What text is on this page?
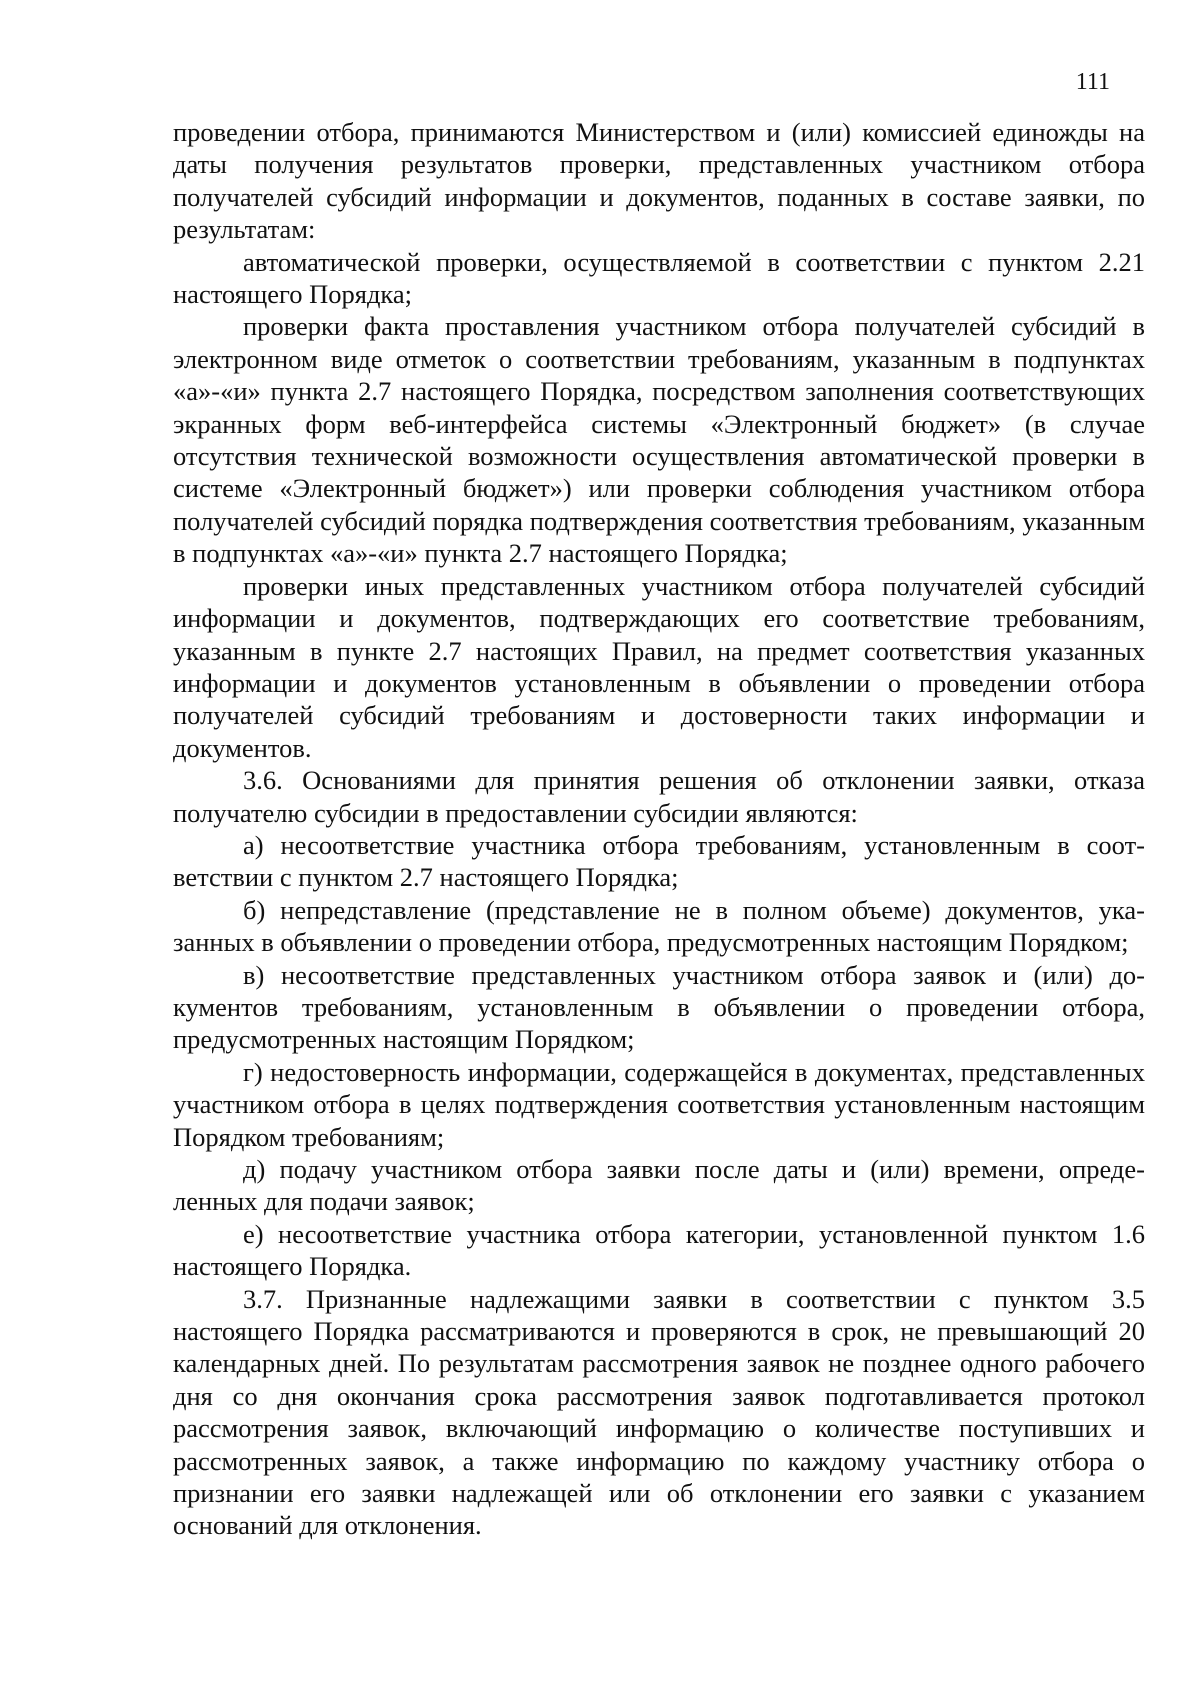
111

проведении отбора, принимаются Министерством и (или) комиссией единожды на даты получения результатов проверки, представленных участником отбора получателей субсидий информации и документов, поданных в составе заявки, по результатам:

автоматической проверки, осуществляемой в соответствии с пунктом 2.21 настоящего Порядка;

проверки факта проставления участником отбора получателей субсидий в электронном виде отметок о соответствии требованиям, указанным в подпунктах «а»-«и» пункта 2.7 настоящего Порядка, посредством заполнения соответствующих экранных форм веб-интерфейса системы «Электронный бюджет» (в случае отсутствия технической возможности осуществления автоматической проверки в системе «Электронный бюджет») или проверки соблюдения участником отбора получателей субсидий порядка подтверждения соответствия требованиям, указанным в подпунктах «а»-«и» пункта 2.7 настоящего Порядка;

проверки иных представленных участником отбора получателей субсидий информации и документов, подтверждающих его соответствие требованиям, указанным в пункте 2.7 настоящих Правил, на предмет соответствия указанных информации и документов установленным в объявлении о проведении отбора получателей субсидий требованиям и достоверности таких информации и документов.

3.6. Основаниями для принятия решения об отклонении заявки, отказа получателю субсидии в предоставлении субсидии являются:

а) несоответствие участника отбора требованиям, установленным в соответствии с пунктом 2.7 настоящего Порядка;

б) непредставление (представление не в полном объеме) документов, указанных в объявлении о проведении отбора, предусмотренных настоящим Порядком;

в) несоответствие представленных участником отбора заявок и (или) документов требованиям, установленным в объявлении о проведении отбора, предусмотренных настоящим Порядком;

г) недостоверность информации, содержащейся в документах, представленных участником отбора в целях подтверждения соответствия установленным настоящим Порядком требованиям;

д) подачу участником отбора заявки после даты и (или) времени, определенных для подачи заявок;

е) несоответствие участника отбора категории, установленной пунктом 1.6 настоящего Порядка.

3.7. Признанные надлежащими заявки в соответствии с пунктом 3.5 настоящего Порядка рассматриваются и проверяются в срок, не превышающий 20 календарных дней. По результатам рассмотрения заявок не позднее одного рабочего дня со дня окончания срока рассмотрения заявок подготавливается протокол рассмотрения заявок, включающий информацию о количестве поступивших и рассмотренных заявок, а также информацию по каждому участнику отбора о признании его заявки надлежащей или об отклонении его заявки с указанием оснований для отклонения.
